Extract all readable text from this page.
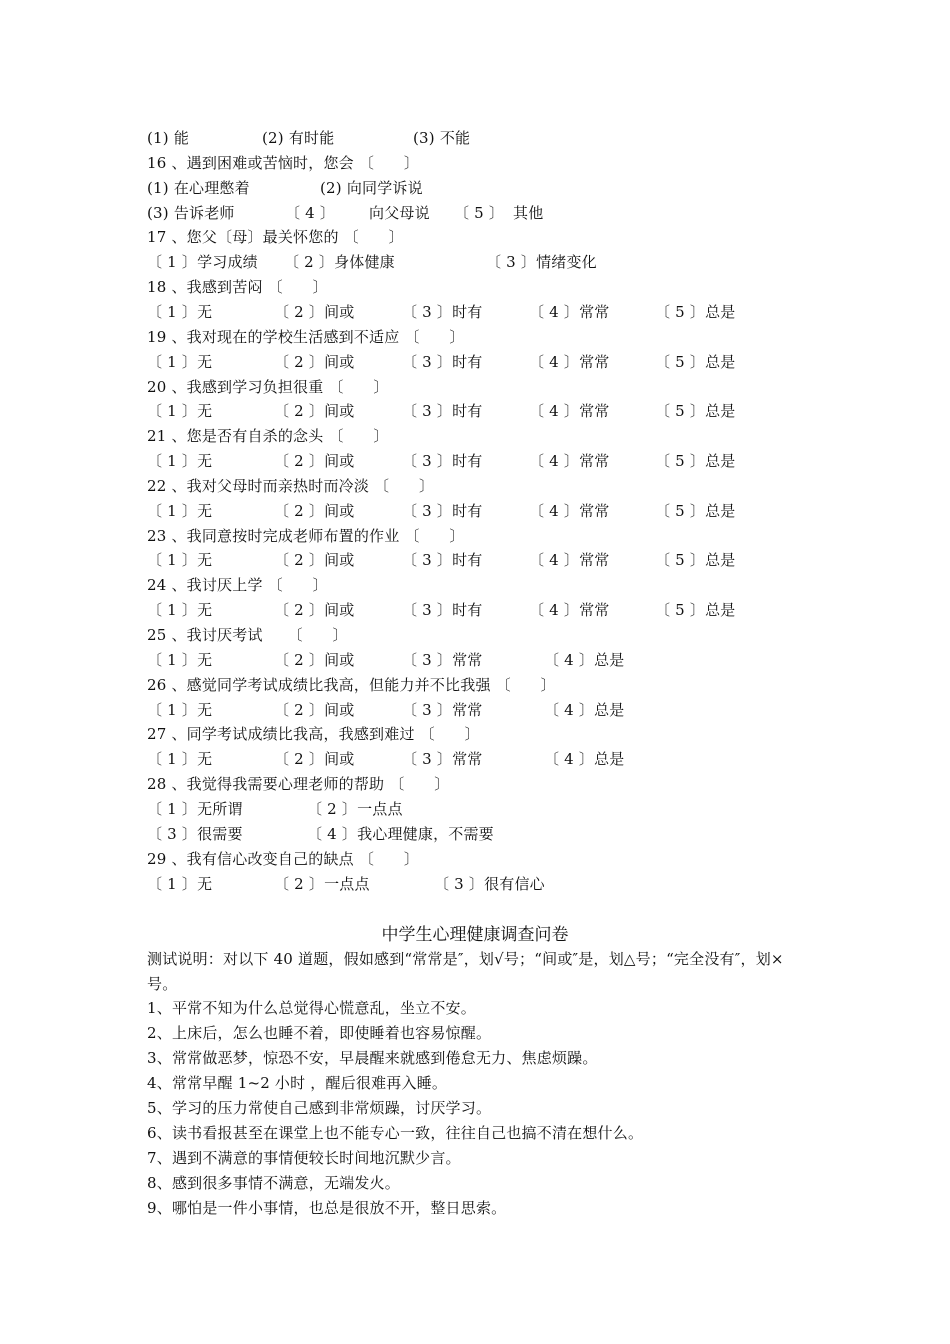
(1) 能	(2) 有时能	(3) 不能
16 、遇到困难或苦恼时，您会 〔      〕
(1) 在心理憋着	(2) 向同学诉说
(3) 告诉老师	〔 4 〕 向父母说 〔 5 〕 其他
17 、您父〔母〕最关怀您的 〔      〕
〔 1 〕学习成绩 〔 2 〕身体健康	〔 3 〕情绪变化
18 、我感到苦闷 〔      〕
〔 1 〕无	〔 2 〕间或	〔 3 〕时有	〔 4 〕常常	〔 5 〕总是
19 、我对现在的学校生活感到不适应 〔      〕
〔 1 〕无	〔 2 〕间或	〔 3 〕时有	〔 4 〕常常	〔 5 〕总是
20 、我感到学习负担很重 〔      〕
〔 1 〕无	〔 2 〕间或	〔 3 〕时有	〔 4 〕常常	〔 5 〕总是
21 、您是否有自杀的念头 〔      〕
〔 1 〕无	〔 2 〕间或	〔 3 〕时有	〔 4 〕常常	〔 5 〕总是
22 、我对父母时而亲热时而冷淡 〔      〕
〔 1 〕无	〔 2 〕间或	〔 3 〕时有	〔 4 〕常常	〔 5 〕总是
23 、我同意按时完成老师布置的作业 〔      〕
〔 1 〕无	〔 2 〕间或	〔 3 〕时有	〔 4 〕常常	〔 5 〕总是
24 、我讨厌上学 〔      〕
〔 1 〕无	〔 2 〕间或	〔 3 〕时有	〔 4 〕常常	〔 5 〕总是
25 、我讨厌考试     〔      〕
〔 1 〕无	〔 2 〕间或	〔 3 〕常常	〔 4 〕总是
26 、感觉同学考试成绩比我高，但能力并不比我强 〔      〕
〔 1 〕无	〔 2 〕间或	〔 3 〕常常	〔 4 〕总是
27 、同学考试成绩比我高，我感到难过 〔      〕
〔 1 〕无	〔 2 〕间或	〔 3 〕常常	〔 4 〕总是
28 、我觉得我需要心理老师的帮助 〔      〕
〔 1 〕无所谓	〔 2 〕一点点
〔 3 〕很需要	〔 4 〕我心理健康，不需要
29 、我有信心改变自己的缺点 〔      〕
〔 1 〕无	〔 2 〕一点点	〔 3 〕很有信心
中学生心理健康调查问卷
测试说明：对以下 40 道题，假如感到“常常是″，划√号；“间或″是，划△号；“完全没有″，划×号。
1、平常不知为什么总觉得心慌意乱，坐立不安。
2、上床后，怎么也睡不着，即使睡着也容易惊醒。
3、常常做恶梦，惊恐不安，早晨醒来就感到倦怠无力、焦虑烦躁。
4、常常早醒 1~2 小时 ，醒后很难再入睡。
5、学习的压力常使自己感到非常烦躁，讨厌学习。
6、读书看报甚至在课堂上也不能专心一致，往往自己也搞不清在想什么。
7、遇到不满意的事情便较长时间地沉默少言。
8、感到很多事情不满意，无端发火。
9、哪怕是一件小事情，也总是很放不开，整日思索。
